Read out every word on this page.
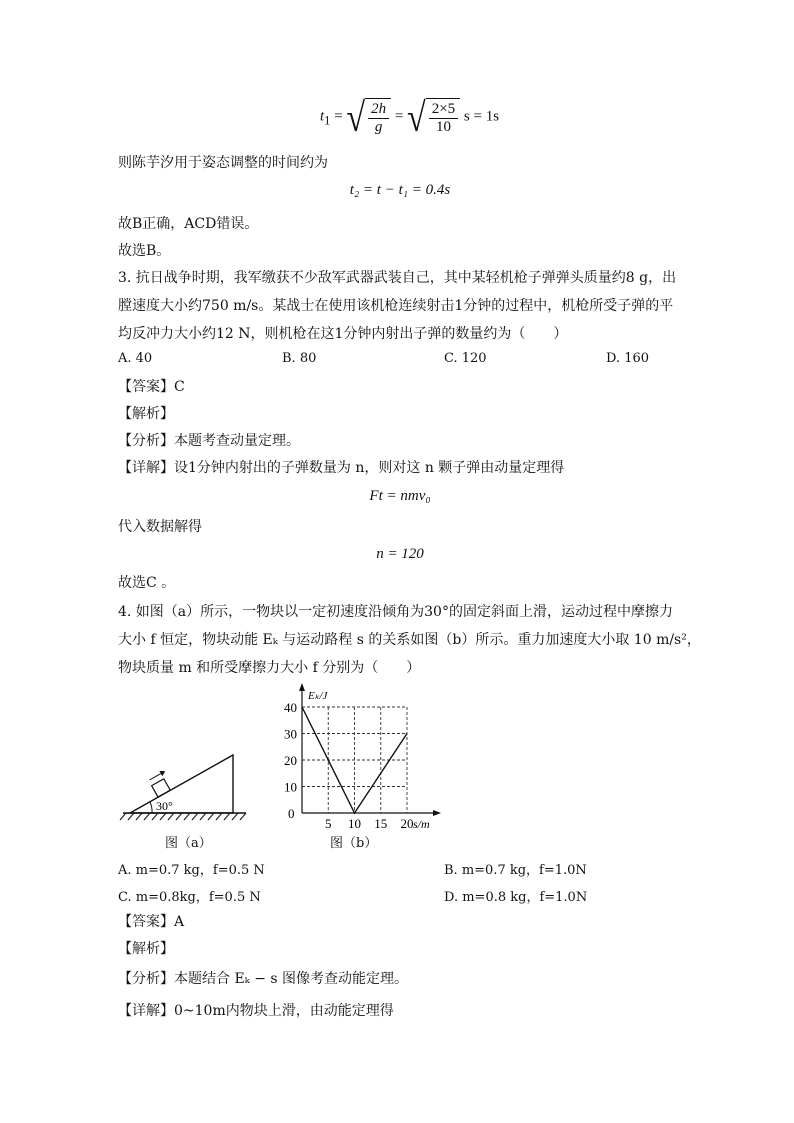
$t_1$ = √ $\frac{2h}{g}$ = √ $\frac{2\times 5}{10}$ s = 1s
则陈芋汐用于姿态调整的时间约为
t₂ = t − t₁ = 0.4s
故B正确，ACD错误。
故选B。
3. 抗日战争时期，我军缴获不少敌军武器武装自己，其中某轻机枪子弹弹头质量约8 g，出
膛速度大小约750 m/s。某战士在使用该机枪连续射击1分钟的过程中，机枪所受子弹的平
均反冲力大小约12 N，则机枪在这1分钟内射出子弹的数量约为（　　）
A. 40	B. 80	C. 120	D. 160
【答案】C
【解析】
【分析】本题考查动量定理。
【详解】设1分钟内射出的子弹数量为 n，则对这 n 颗子弹由动量定理得
Ft = nmv₀
代入数据解得
n = 120
故选C 。
4. 如图（a）所示，一物块以一定初速度沿倾角为30°的固定斜面上滑，运动过程中摩擦力
大小 f 恒定，物块动能 Eₖ 与运动路程 s 的关系如图（b）所示。重力加速度大小取 10 m/s²，
物块质量 m 和所受摩擦力大小 f 分别为（　　）
30°
图（a）
Eₖ/J
s/m
0
10
20
30
40
5 10 15 20
图（b）
A. m=0.7 kg，f=0.5 N	B. m=0.7 kg，f=1.0N
C. m=0.8kg，f=0.5 N	D. m=0.8 kg，f=1.0N
【答案】A
【解析】
【分析】本题结合 Eₖ − s 图像考查动能定理。
【详解】0~10m内物块上滑，由动能定理得
